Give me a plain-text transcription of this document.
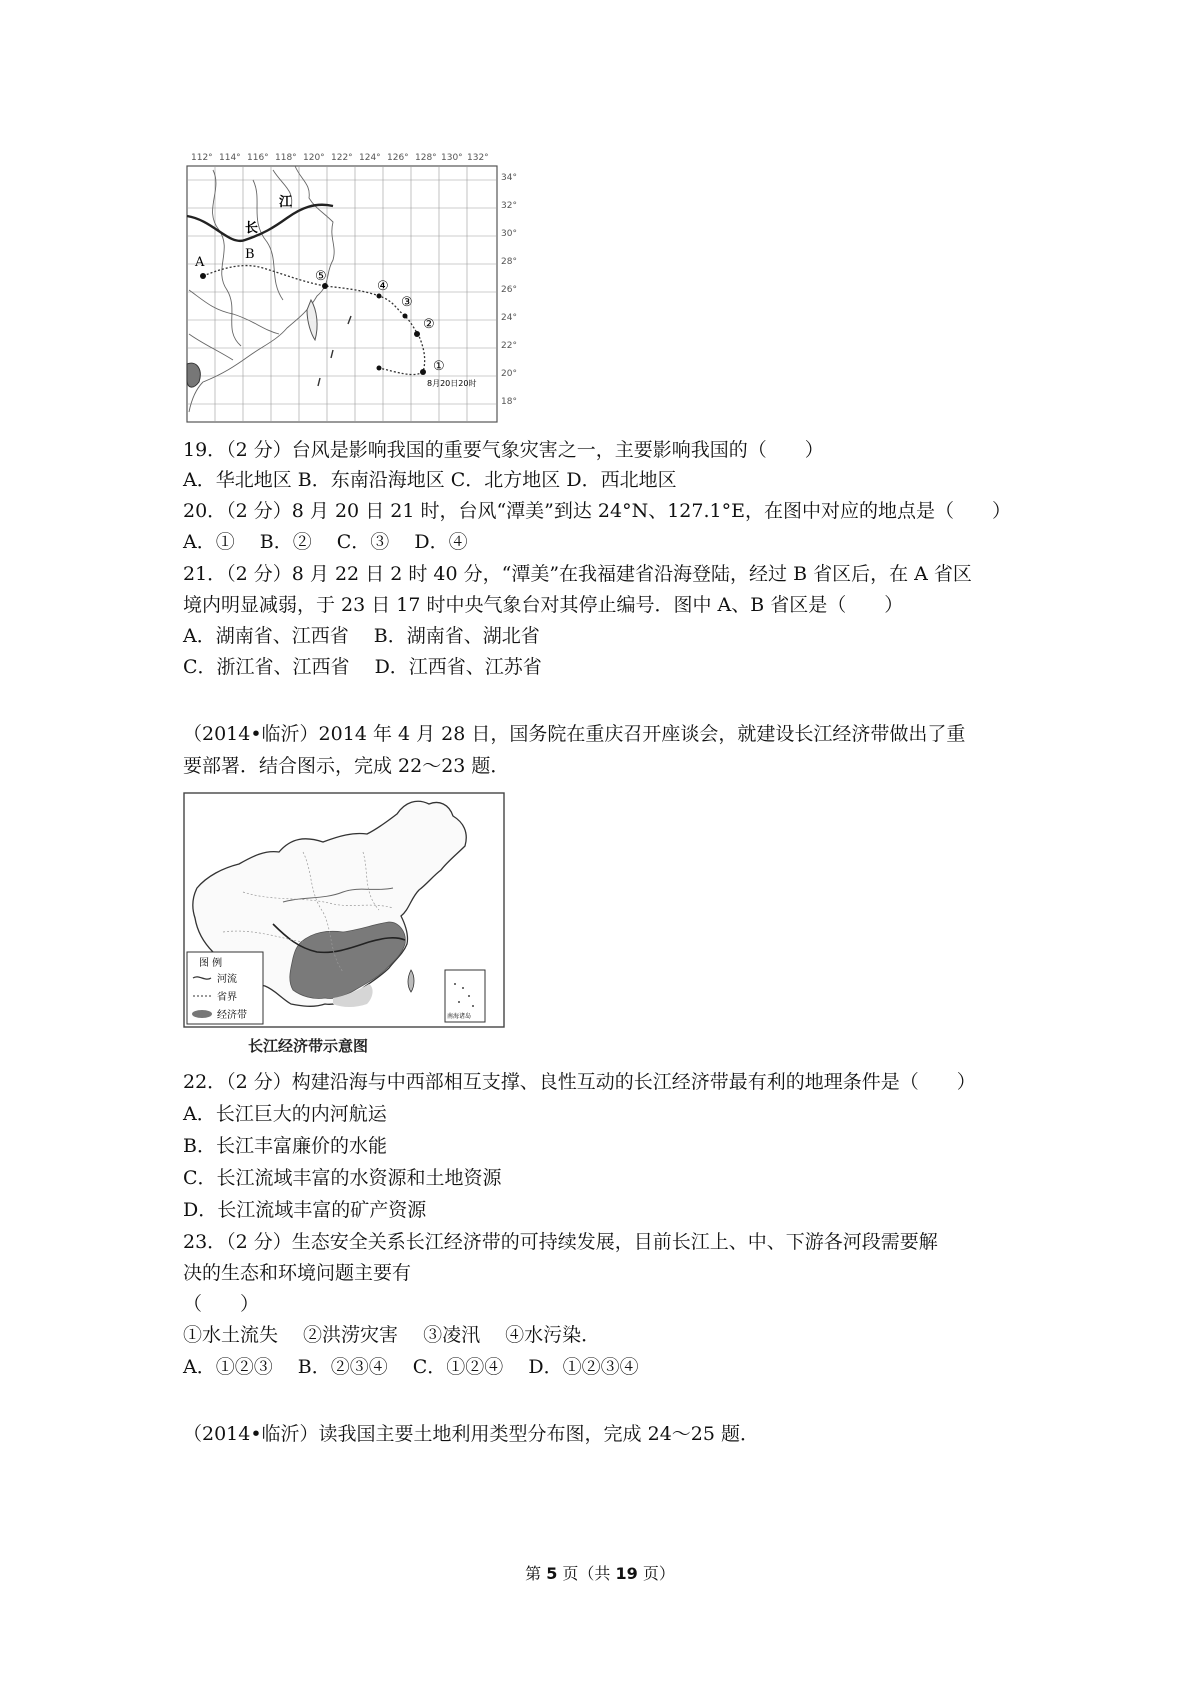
112° 114° 116° 118° 120° 122° 124° 126° 128° 130° 132°
34°
32°
30°
28°
26°
24°
22°
20°
18°
江
长
A
B
①
②
③
④
⑤
8月20日20时
19．（2 分）台风是影响我国的重要气象灾害之一，主要影响我国的（　　）
A．华北地区 B．东南沿海地区 C．北方地区 D．西北地区
20．（2 分）8 月 20 日 21 时，台风“潭美”到达 24°N、127.1°E，在图中对应的地点是（　　）
A．①　 B．②　 C．③　 D．④
21．（2 分）8 月 22 日 2 时 40 分，“潭美”在我福建省沿海登陆，经过 B 省区后，在 A 省区
境内明显减弱，于 23 日 17 时中央气象台对其停止编号．图中 A、B 省区是（　　）
A．湖南省、江西省　 B．湖南省、湖北省
C．浙江省、江西省　 D．江西省、江苏省
（2014•临沂）2014 年 4 月 28 日，国务院在重庆召开座谈会，就建设长江经济带做出了重
要部署．结合图示，完成 22～23 题．
图 例
河流
省界
经济带	南海诸岛
长江经济带示意图
22．（2 分）构建沿海与中西部相互支撑、良性互动的长江经济带最有利的地理条件是（　　）
A．长江巨大的内河航运
B．长江丰富廉价的水能
C．长江流域丰富的水资源和土地资源
D．长江流域丰富的矿产资源
23．（2 分）生态安全关系长江经济带的可持续发展，目前长江上、中、下游各河段需要解
决的生态和环境问题主要有
（　　）
①水土流失　 ②洪涝灾害　 ③凌汛　 ④水污染．
A．①②③　 B．②③④　 C．①②④　 D．①②③④
（2014•临沂）读我国主要土地利用类型分布图，完成 24～25 题．
第 5 页（共 19 页）
